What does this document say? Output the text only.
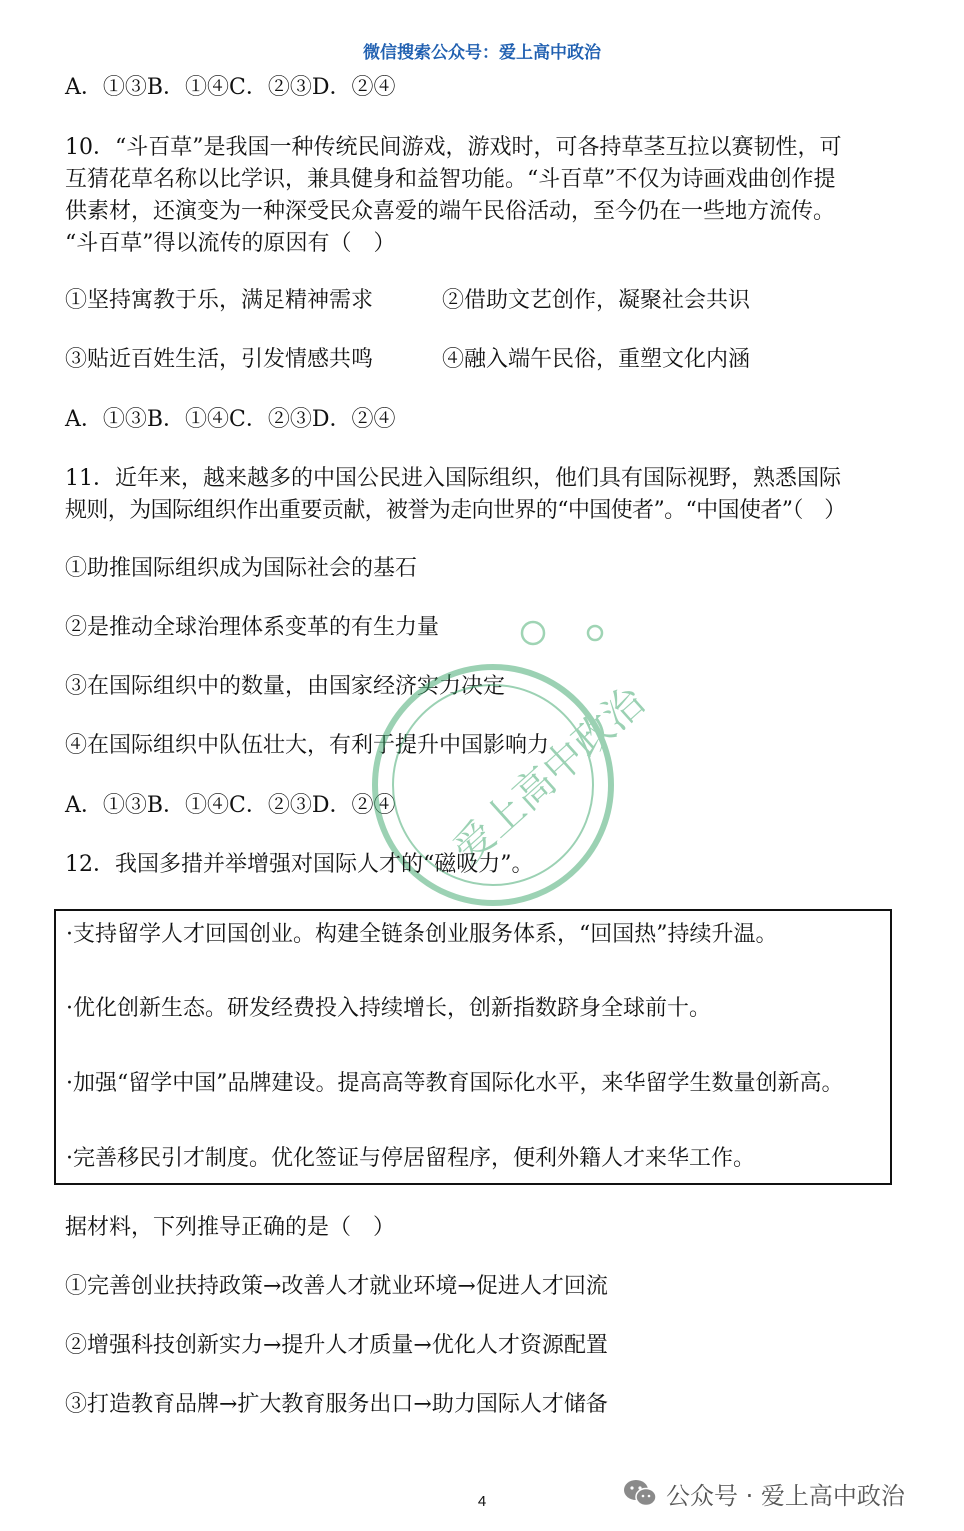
微信搜索公众号：爱上高中政治
A．①③B．①④C．②③D．②④
10．“斗百草”是我国一种传统民间游戏，游戏时，可各持草茎互拉以赛韧性，可
互猜花草名称以比学识，兼具健身和益智功能。“斗百草”不仅为诗画戏曲创作提
供素材，还演变为一种深受民众喜爱的端午民俗活动，至今仍在一些地方流传。
“斗百草”得以流传的原因有（　）
①坚持寓教于乐，满足精神需求	②借助文艺创作，凝聚社会共识
③贴近百姓生活，引发情感共鸣	④融入端午民俗，重塑文化内涵
A．①③B．①④C．②③D．②④
11．近年来，越来越多的中国公民进入国际组织，他们具有国际视野，熟悉国际
规则，为国际组织作出重要贡献，被誉为走向世界的“中国使者”。“中国使者”（　）
①助推国际组织成为国际社会的基石
②是推动全球治理体系变革的有生力量
③在国际组织中的数量，由国家经济实力决定
④在国际组织中队伍壮大，有利于提升中国影响力
A．①③B．①④C．②③D．②④ 爱上高中政治
12．我国多措并举增强对国际人才的“磁吸力”。
·支持留学人才回国创业。构建全链条创业服务体系，“回国热”持续升温。
·优化创新生态。研发经费投入持续增长，创新指数跻身全球前十。
·加强“留学中国”品牌建设。提高高等教育国际化水平，来华留学生数量创新高。
·完善移民引才制度。优化签证与停居留程序，便利外籍人才来华工作。
据材料，下列推导正确的是（　）
①完善创业扶持政策→改善人才就业环境→促进人才回流
②增强科技创新实力→提升人才质量→优化人才资源配置
③打造教育品牌→扩大教育服务出口→助力国际人才储备
4	公众号 · 爱上高中政治
